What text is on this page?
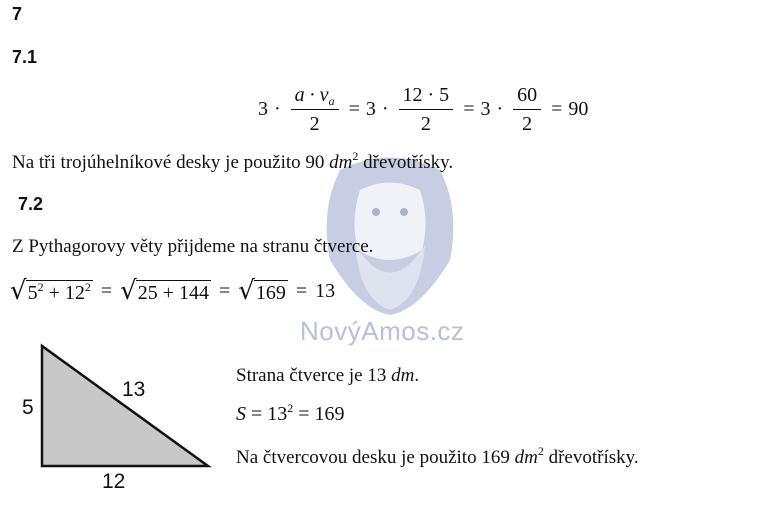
NovýAmos.cz
7
7.1
$3 \cdot \frac{a \cdot v_a}{2} = 3 \cdot \frac{12 \cdot 5}{2} = 3 \cdot \frac{60}{2} = 90$
Na tři trojúhelníkové desky je použito 90 $dm^2$ dřevotřísky.
7.2
Z Pythagorovy věty přijdeme na stranu čtverce.
√ $5^2 + 12^2$ = √ 25 + 144 = √ 169 = 13
5
13
12
Strana čtverce je 13 dm.
$S = 13^2 = 169$
Na čtvercovou desku je použito 169 $dm^2$ dřevotřísky.
